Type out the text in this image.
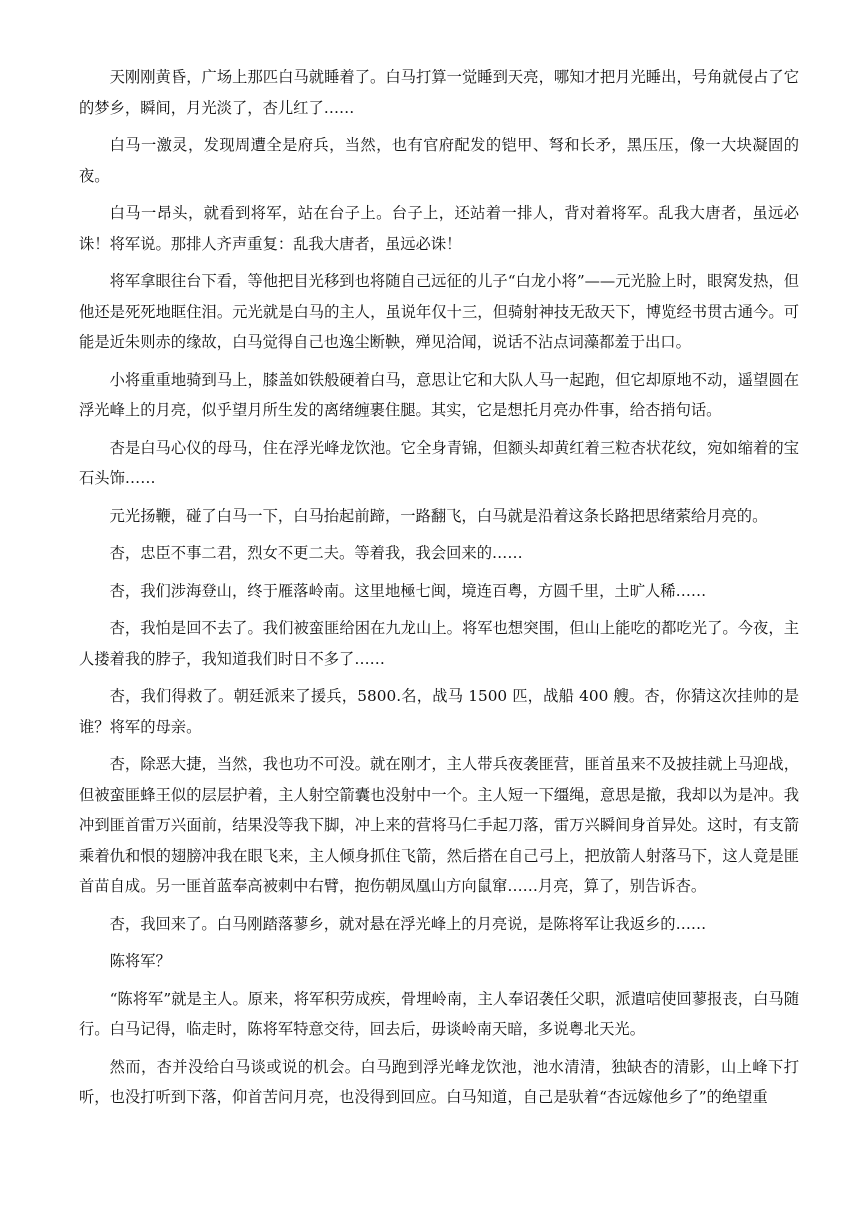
天刚刚黄昏，广场上那匹白马就睡着了。白马打算一觉睡到天亮，哪知才把月光睡出，号角就侵占了它的梦乡，瞬间，月光淡了，杏儿红了……

白马一激灵，发现周遭全是府兵，当然，也有官府配发的铠甲、弩和长矛，黑压压，像一大块凝固的夜。

白马一昂头，就看到将军，站在台子上。台子上，还站着一排人，背对着将军。乱我大唐者，虽远必诛！将军说。那排人齐声重复：乱我大唐者，虽远必诛！

将军拿眼往台下看，等他把目光移到也将随自己远征的儿子“白龙小将”——元光脸上时，眼窝发热，但他还是死死地眶住泪。元光就是白马的主人，虽说年仅十三，但骑射神技无敌天下，博览经书贯古通今。可能是近朱则赤的缘故，白马觉得自己也逸尘断鞅，殚见洽闻，说话不沾点词藻都羞于出口。

小将重重地骑到马上，膝盖如铁般硬着白马，意思让它和大队人马一起跑，但它却原地不动，遥望圆在浮光峰上的月亮，似乎望月所生发的离绪缠裹住腿。其实，它是想托月亮办件事，给杏捎句话。

杏是白马心仪的母马，住在浮光峰龙饮池。它全身青锦，但额头却黄红着三粒杏状花纹，宛如缩着的宝石头饰……

元光扬鞭，碰了白马一下，白马抬起前蹄，一路翻飞，白马就是沿着这条长路把思绪萦给月亮的。

杏，忠臣不事二君，烈女不更二夫。等着我，我会回来的……

杏，我们涉海登山，终于雁落岭南。这里地極七闽，境连百粤，方圆千里，土旷人稀……

杏，我怕是回不去了。我们被蛮匪给困在九龙山上。将军也想突围，但山上能吃的都吃光了。今夜，主人搂着我的脖子，我知道我们时日不多了……

杏，我们得救了。朝廷派来了援兵，5800.名，战马 1500 匹，战船 400 艘。杏，你猜这次挂帅的是谁？将军的母亲。

杏，除恶大捷，当然，我也功不可没。就在刚才，主人带兵夜袭匪营，匪首虽来不及披挂就上马迎战，但被蛮匪蜂王似的层层护着，主人射空箭囊也没射中一个。主人短一下缰绳，意思是撤，我却以为是冲。我冲到匪首雷万兴面前，结果没等我下脚，冲上来的营将马仁手起刀落，雷万兴瞬间身首异处。这时，有支箭乘着仇和恨的翅膀冲我在眼飞来，主人倾身抓住飞箭，然后搭在自己弓上，把放箭人射落马下，这人竟是匪首苗自成。另一匪首蓝奉高被刺中右臂，抱伤朝凤凰山方向鼠窜……月亮，算了，别告诉杏。

杏，我回来了。白马刚踏落蓼乡，就对悬在浮光峰上的月亮说，是陈将军让我返乡的……

陈将军？

“陈将军”就是主人。原来，将军积劳成疾，骨埋岭南，主人奉诏袭任父职，派遣唁使回蓼报丧，白马随行。白马记得，临走时，陈将军特意交待，回去后，毋谈岭南天暗，多说粤北天光。

然而，杏并没给白马谈或说的机会。白马跑到浮光峰龙饮池，池水清清，独缺杏的清影，山上峰下打听，也没打听到下落，仰首苦问月亮，也没得到回应。白马知道，自己是驮着“杏远嫁他乡了”的绝望重
